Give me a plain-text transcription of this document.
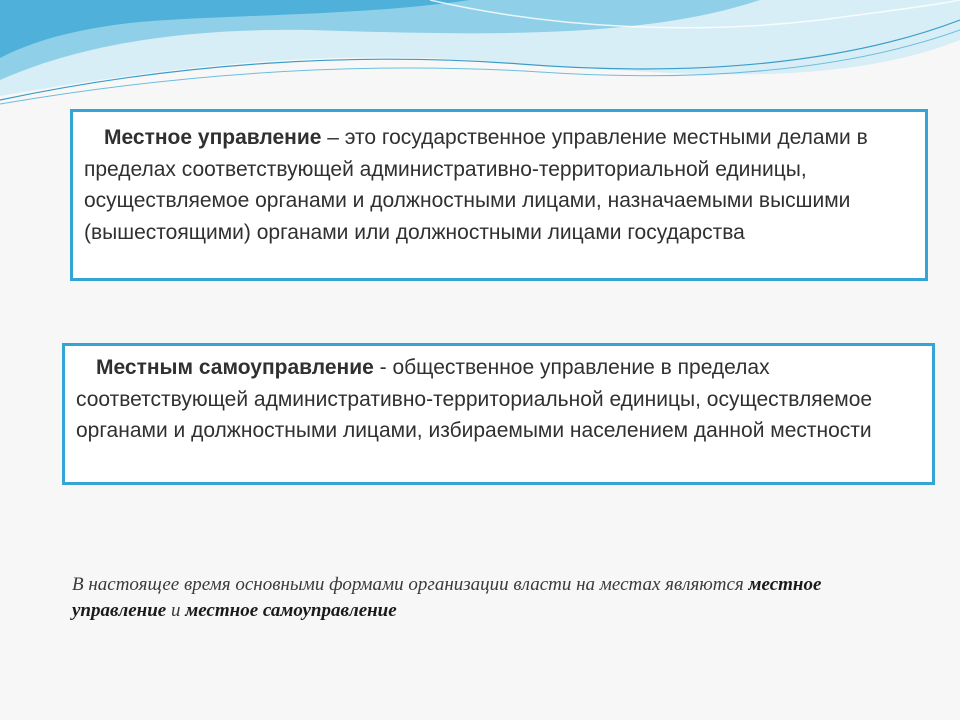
Местное управление – это государственное управление местными делами в пределах соответствующей административно-территориальной единицы, осуществляемое органами и должностными лицами, назначаемыми высшими (вышестоящими) органами или должностными лицами государства
Местным самоуправление - общественное управление в пределах соответствующей административно-территориальной единицы, осуществляемое органами и должностными лицами, избираемыми населением данной местности
В настоящее время основными формами организации власти на местах являются местное управление и местное самоуправление
